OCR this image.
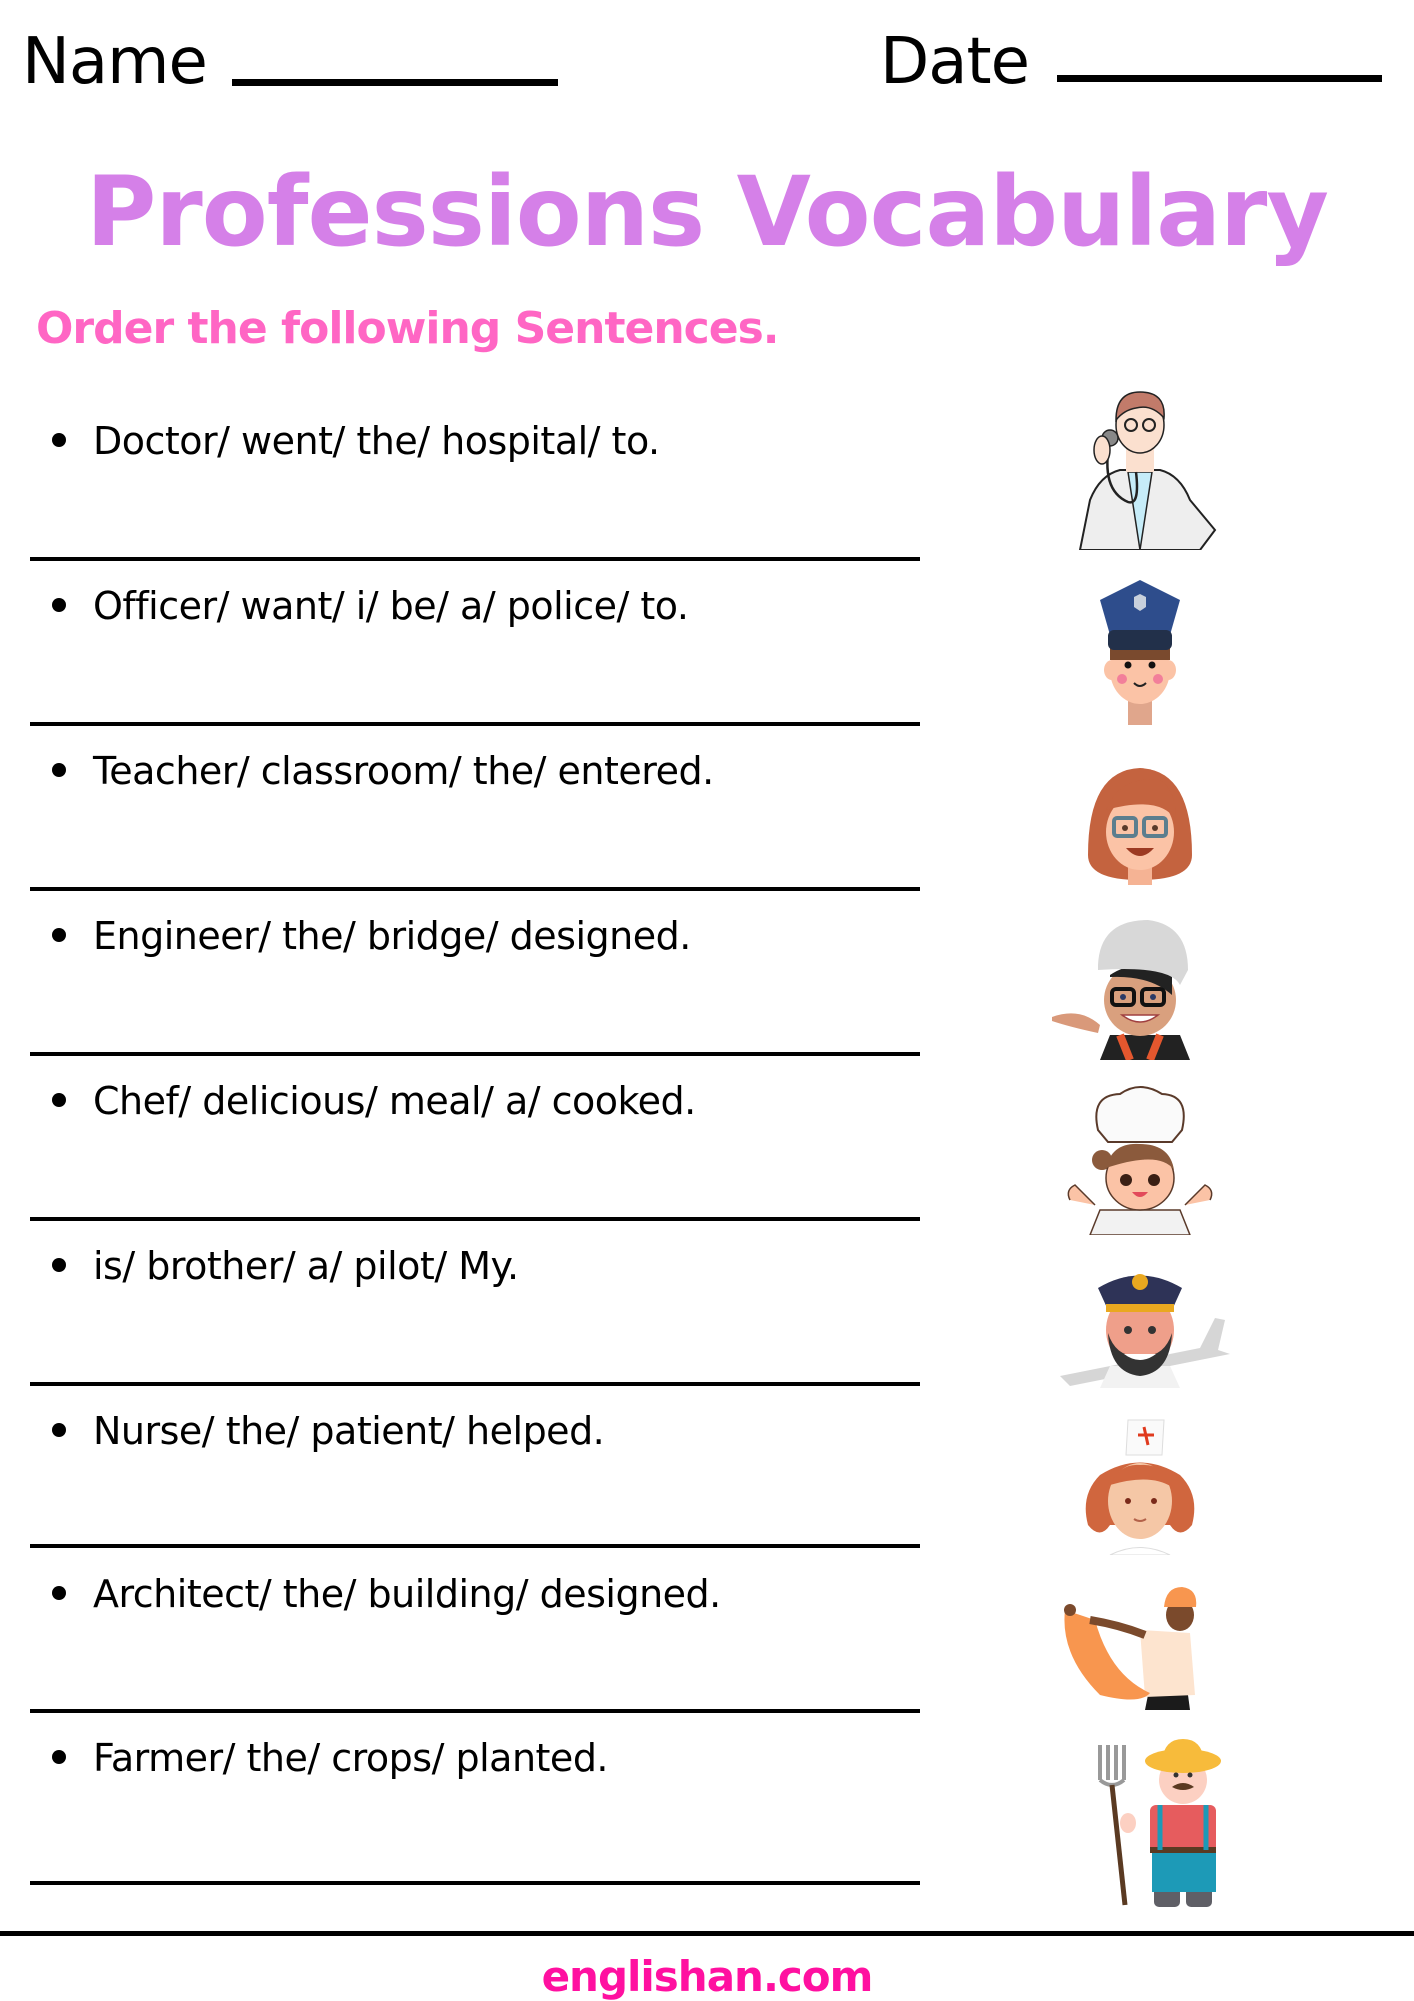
Name	Date
Professions Vocabulary
Order the following Sentences.
Doctor/ went/ the/ hospital/ to.
Officer/ want/ i/ be/ a/ police/ to.
Teacher/ classroom/ the/ entered.
Engineer/ the/ bridge/ designed.
Chef/ delicious/ meal/ a/ cooked.
is/ brother/ a/ pilot/ My.
Nurse/ the/ patient/ helped.
Architect/ the/ building/ designed.
Farmer/ the/ crops/ planted.
englishan.com
